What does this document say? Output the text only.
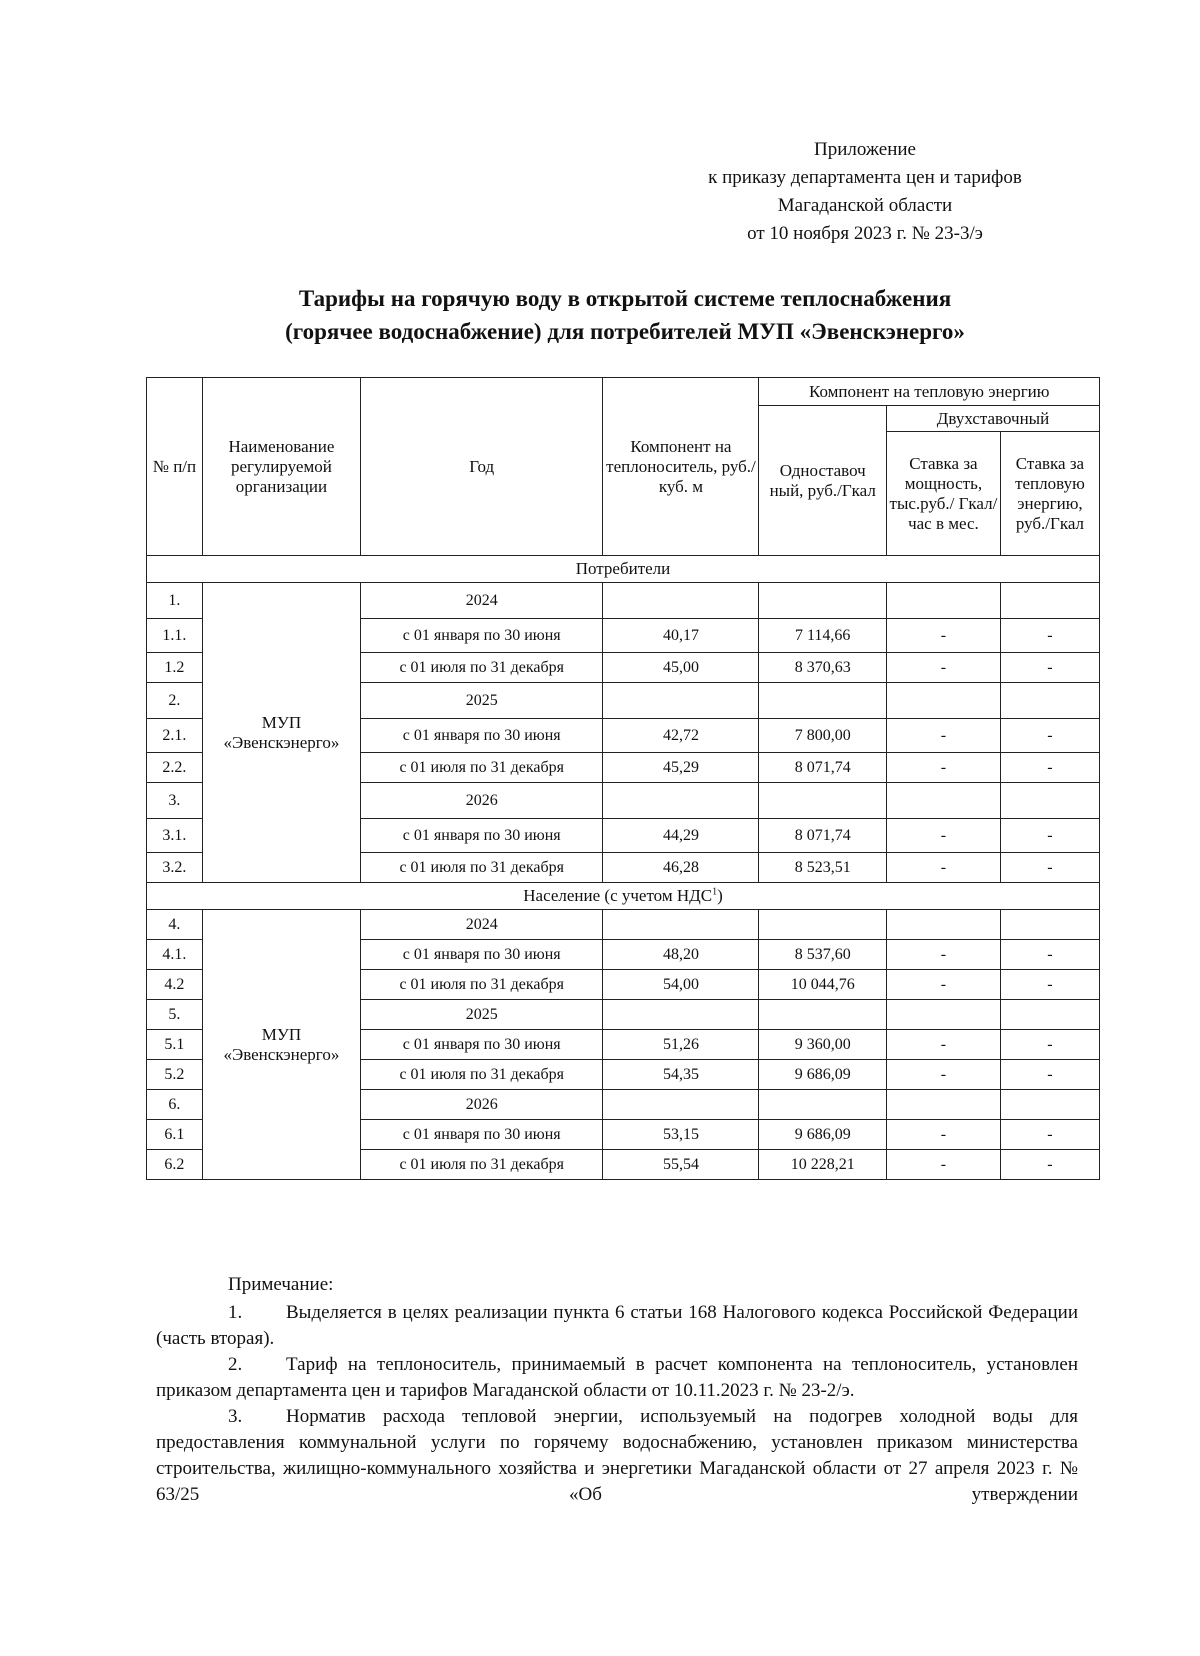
Приложение
к приказу департамента цен и тарифов
Магаданской области
от 10 ноября 2023 г. № 23-3/э
Тарифы на горячую воду в открытой системе теплоснабжения
(горячее водоснабжение) для потребителей МУП «Эвенскэнерго»
№ п/п	Наименование регулируемой организации	Год	Компонент на теплоноситель, руб./куб. м	Компонент на тепловую энергию		
				Одноставоч ный, руб./Гкал	Двухставочный	
					Ставка за мощность, тыс.руб./ Гкал/час в мес.	Ставка за тепловую энергию, руб./Гкал
Потребители						
1.	МУП «Эвенскэнерго»	2024				
1.1.		с 01 января по 30 июня	40,17	7 114,66	-	-
1.2		с 01 июля по 31 декабря	45,00	8 370,63	-	-
2.		2025				
2.1.		с 01 января по 30 июня	42,72	7 800,00	-	-
2.2.		с 01 июля по 31 декабря	45,29	8 071,74	-	-
3.		2026				
3.1.		с 01 января по 30 июня	44,29	8 071,74	-	-
3.2.		с 01 июля по 31 декабря	46,28	8 523,51	-	-
Население (с учетом НДС$^1$)						
4.	МУП «Эвенскэнерго»	2024				
4.1.		с 01 января по 30 июня	48,20	8 537,60	-	-
4.2		с 01 июля по 31 декабря	54,00	10 044,76	-	-
5.		2025				
5.1		с 01 января по 30 июня	51,26	9 360,00	-	-
5.2		с 01 июля по 31 декабря	54,35	9 686,09	-	-
6.		2026				
6.1		с 01 января по 30 июня	53,15	9 686,09	-	-
6.2		с 01 июля по 31 декабря	55,54	10 228,21	-	-

Примечание:

1. Выделяется в целях реализации пункта 6 статьи 168 Налогового кодекса Российской Федерации (часть вторая).

2. Тариф на теплоноситель, принимаемый в расчет компонента на теплоноситель, установлен приказом департамента цен и тарифов Магаданской области от 10.11.2023 г. № 23-2/э.

3. Норматив расхода тепловой энергии, используемый на подогрев холодной воды для предоставления коммунальной услуги по горячему водоснабжению, установлен приказом министерства строительства, жилищно-коммунального хозяйства и энергетики Магаданской области от 27 апреля 2023 г. № 63/25 «Об утверждении
